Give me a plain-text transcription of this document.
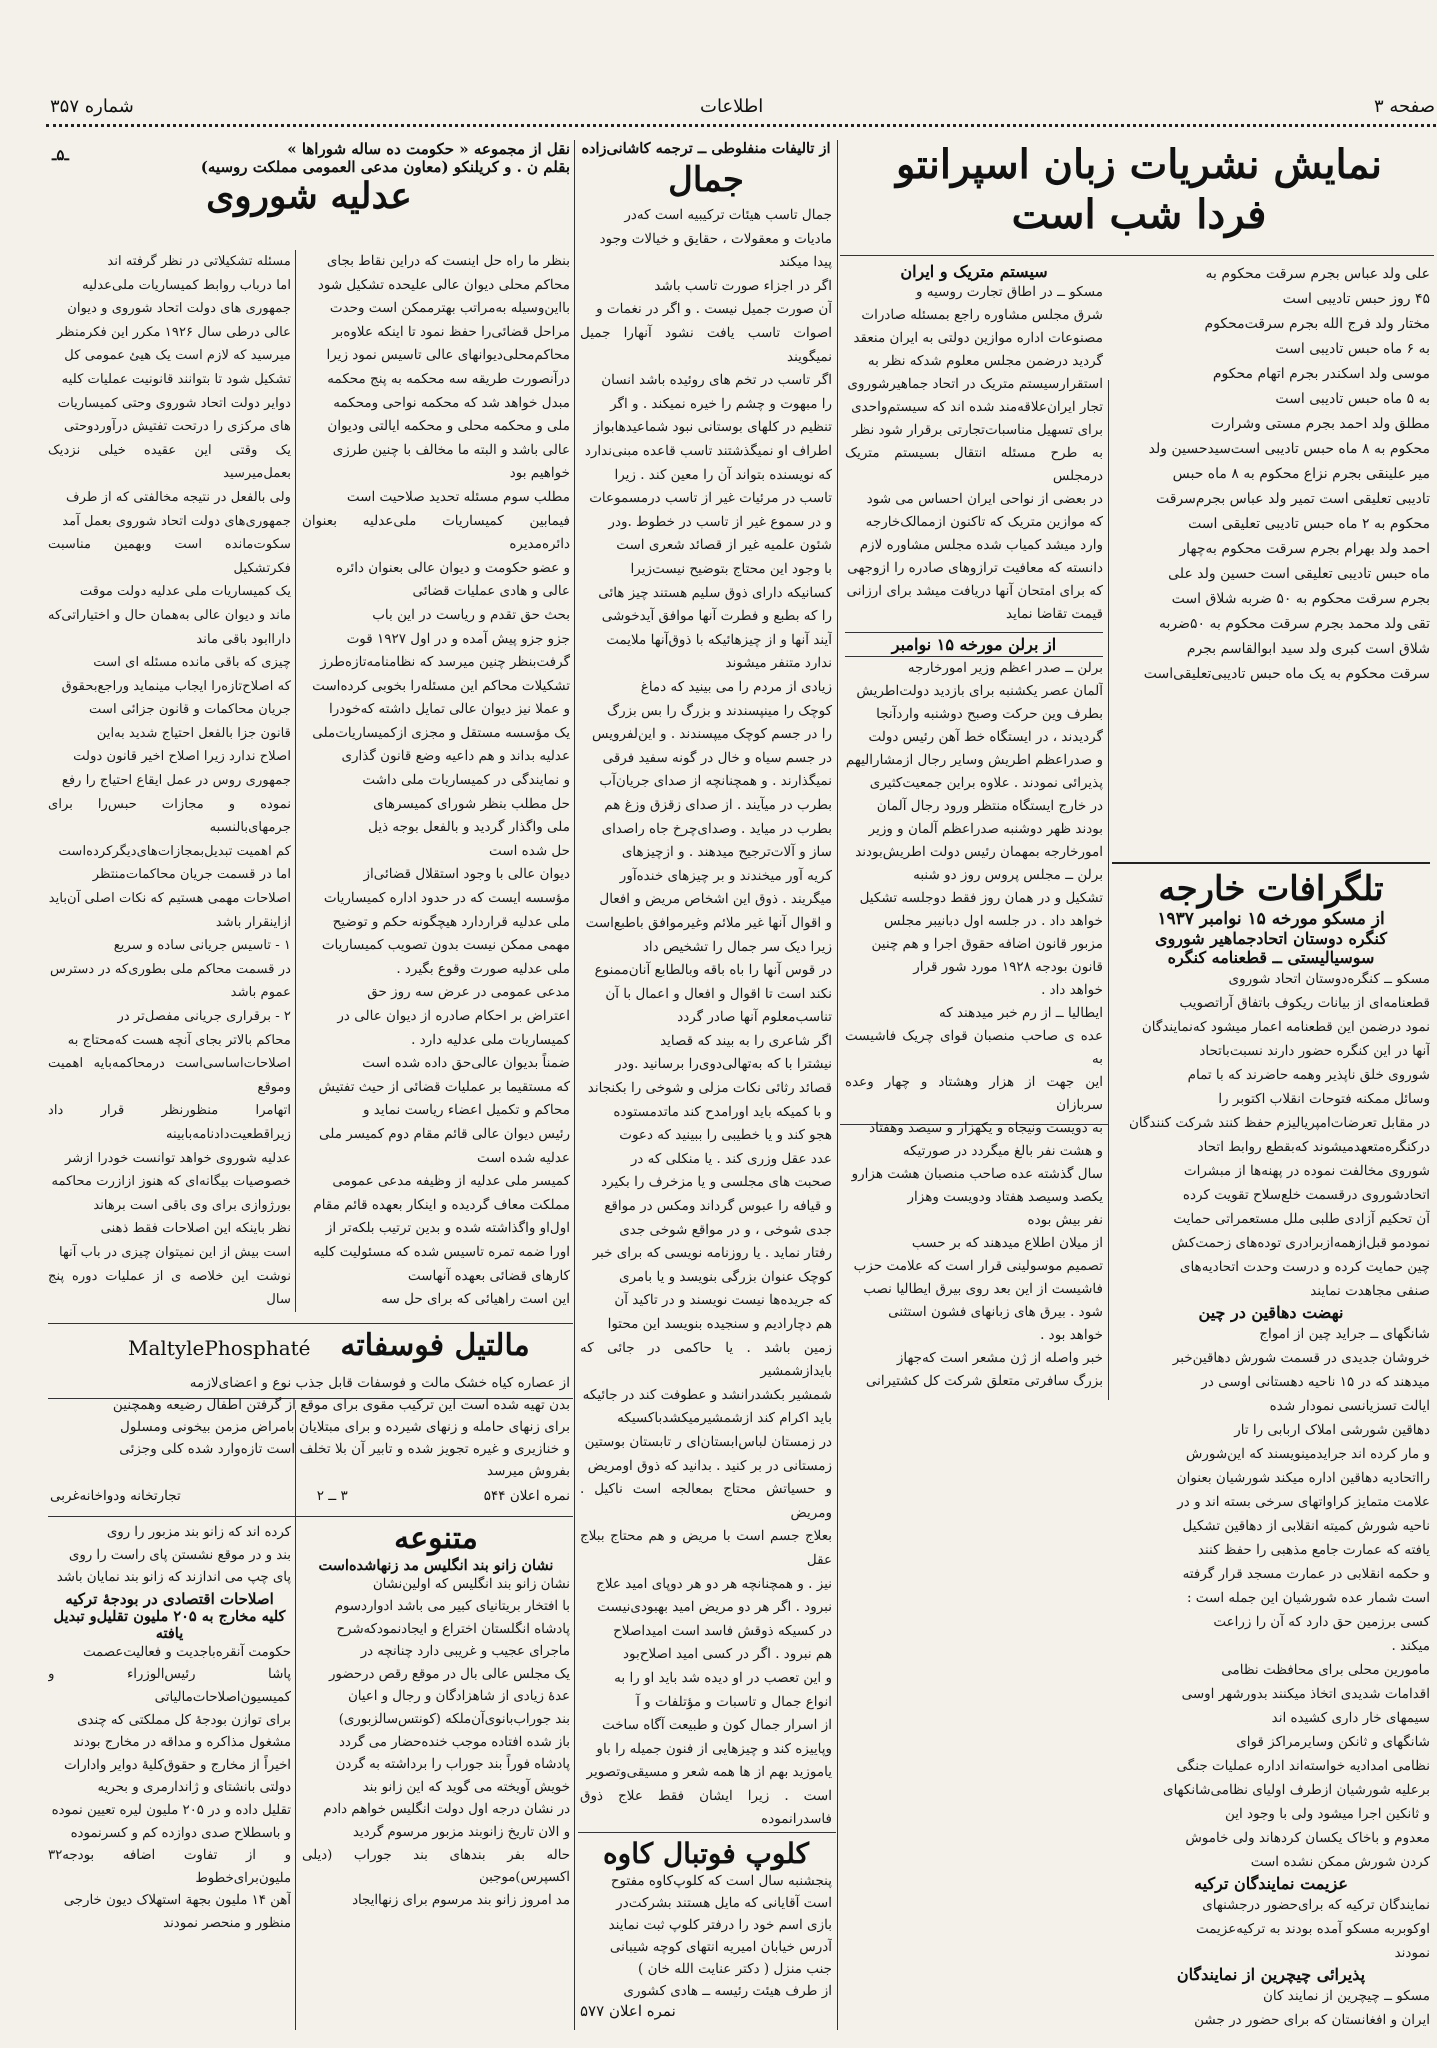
صفحه ۳
اطلاعات
شماره ۳۵۷
نمایش نشریات زبان اسپرانتو
فردا شب است

علی ولد عباس بجرم سرقت محکوم به
۴۵ روز حبس تادیبی است
مختار ولد فرج الله بجرم سرقت‌محکوم
به ۶ ماه حبس تادیبی است
موسی ولد اسکندر بجرم اتهام محکوم
به ۵ ماه حبس تادیبی است
مطلق ولد احمد بجرم مستی وشرارت
محکوم به ۸ ماه حبس تادیبی است‌سیدحسین ولد
میر علینقی بجرم نزاع محکوم به ۸ ماه حبس
تادیبی تعلیقی است تمیر ولد عباس بجرم‌سرقت
محکوم به ۲ ماه حبس تادیبی تعلیقی است
احمد ولد بهرام بجرم سرقت محکوم به‌چهار
ماه حبس تادیبی تعلیقی است حسین ولد علی
بجرم سرقت محکوم به ۵۰ ضربه شلاق است
تقی ولد محمد بجرم سرقت محکوم به ۵۰ضربه
شلاق است کبری ولد سید ابوالقاسم بجرم
سرقت محکوم به یک ماه حبس تادیبی‌تعلیقی‌است

سیستم متریک و ایران

مسکو ــ در اطاق تجارت روسیه و
شرق مجلس مشاوره راجع بمسئله صادرات
مصنوعات اداره موازین دولتی به ایران منعقد
گردید درضمن مجلس معلوم شدکه نظر به
استقرارسیستم متریک در اتحاد جماهیرشوروی
تجار ایران‌علاقه‌مند شده اند که سیستم‌واحدی
برای تسهیل مناسبات‌تجارتی برقرار شود نظر
به طرح مسئله انتقال بسیستم متریک درمجلس
در بعضی از نواحی ایران احساس می شود
که موازین متریک که تاکنون ازممالک‌خارجه
وارد میشد کمیاب شده مجلس مشاوره لازم
دانسته که معافیت ترازوهای صادره را ازوجهی
که برای امتحان آنها دریافت میشد برای ارزانی
قیمت تقاضا نماید

از برلن مورخه ۱۵ نوامبر

برلن ــ صدر اعظم وزیر امورخارجه
آلمان عصر یکشنبه برای بازدید دولت‌اطریش
بطرف وین حرکت وصبح دوشنبه واردآنجا
گردیدند ، در ایستگاه خط آهن رئیس دولت
و صدراعظم اطریش وسایر رجال ازمشارالیهم
پذیرائی نمودند . علاوه براین جمعیت‌کثیری
در خارج ایستگاه منتظر ورود رجال آلمان
بودند ظهر دوشنبه صدراعظم آلمان و وزیر
امورخارجه بمهمان رئیس دولت اطریش‌بودند
برلن ــ مجلس پروس روز دو شنبه
تشکیل و در همان روز فقط دوجلسه تشکیل
خواهد داد . در جلسه اول دبانیبر مجلس
مزبور قانون اضافه حقوق اجرا و هم چنین
قانون بودجه ۱۹۲۸ مورد شور قرار
خواهد داد .
ایطالیا ــ از رم خبر میدهند که
عده ی صاحب منصبان قوای چریک فاشیست به
این جهت از هزار وهشتاد و چهار وعده سربازان
به دویست ونیجاه و یکهزار و سیصد وهفتاد
و هشت نفر بالغ میگردد در صورتیکه
سال گذشته عده صاحب منصبان هشت هزارو
یکصد وسیصد هفتاد ودویست وهزار
نفر بیش بوده
از میلان اطلاع میدهند که بر حسب
تصمیم موسولینی قرار است که علامت حزب
فاشیست از این بعد روی بیرق ایطالیا نصب
شود . بیرق های زبانهای فشون استثنی
خواهد بود .
خبر واصله از ژن مشعر است که‌جهاز
بزرگ سافرتی متعلق شرکت کل کشتیرانی

تلگرافات خارجه
از مسکو مورخه ۱۵ نوامبر ۱۹۳۷
کنگره دوستان اتحادجماهیر شوروی سوسیالیستی ــ قطعنامه کنگره

مسکو ــ کنگره‌دوستان اتحاد شوروی
قطعنامه‌ای از بیانات ریکوف باتفاق آرا‌تصویب
نمود درضمن این قطعنامه اعمار میشود که‌نمایندگان
آنها در این کنگره حضور دارند نسبت‌باتحاد
شوروی خلق ناپذیر وهمه حاضرند که با تمام
وسائل ممکنه فتوحات انقلاب اکتوبر را
در مقابل تعرضات‌امپریالیزم حفظ کنند شرکت کنندگان
درکنگره‌متعهدمیشوند که‌بقطع روابط اتحاد
شوروی مخالفت نموده در پهنه‌ها از مبشرات
اتحادشوروی درقسمت خلع‌سلاح تقویت کرده
آن تحکیم آزادی طلبی ملل مستعمراتی حمایت
نمودمو قبل‌ازهمه‌ازبرادری توده‌های زحمت‌کش
چین حمایت کرده و درست وحدت اتحادیه‌های
صنفی مجاهدت نمایند

نهضت دهاقین در چین

شانگهای ــ جراید چین از امواج
خروشان جدیدی در قسمت شورش دهاقین‌خبر
میدهند که در ۱۵ ناحیه دهستانی اوسی در
ایالت تسزیانسی نمودار شده
دهاقین شورشی املاک اربابی را تار
و مار کرده اند جراید‌مینویسند که این‌شورش
رااتحادیه دهاقین اداره میکند شورشیان بعنوان
علامت متمایز کراواتهای سرخی بسته اند و در
ناحیه شورش کمیته انقلابی از دهاقین تشکیل
یافته که عمارت جامع مذهبی را حفظ کنند
و حکمه انقلابی در عمارت مسجد قرار گرفته
است شمار عده شورشیان این جمله است :
کسی برزمین حق دارد که آن را زراعت
میکند .
مامورین محلی برای محافظت نظامی
اقدامات شدیدی اتخاذ میکنند بدورشهر اوسی
سیمهای خار داری کشیده اند
شانگهای و ثانکن وسایرمراکز قوای
نظامی امدادیه خواسته‌اند اداره عملیات جنگی
برعلیه شورشیان ازطرف اولیای نظامی‌شانکهای
و ثانکین اجرا میشود ولی با وجود این
معدوم و باخاک یکسان کردهاند ولی خاموش
کردن شورش ممکن نشده است

عزیمت نمایندگان ترکیه

نمایندگان ترکیه که برای‌حضور در‌جشنهای
اوکوبربه مسکو آمده بودند به ترکیه‌عزیمت
نمودند

پذیرائی چیچرین از نمایندگان

مسکو ــ چیچرین از نمایند کان
ایران و افغانستان که برای حضور در جشن

از تالیفات منفلوطی ــ ترجمه کاشانی‌زاده
جمال

جمال تاسب هیئات ترکیبیه است که‌در
مادیات و معقولات ، حقایق و خیالات وجود
پیدا میکند
اگر در اجزاء صورت تاسب باشد
آن صورت جمیل نیست . و اگر در نغمات و
اصوات تاسب یافت نشود آنهارا جمیل نمیگویند
اگر تاسب در تخم های روئیده باشد انسان
را مبهوت و چشم را خیره نمیکند . و اگر
تنظیم در کلهای بوستانی نبود شماعیدهابواز
اطراف او نمیگذشتند تاسب قاعده مبنی‌ندارد
که نویسنده بتواند آن را معین کند . زیرا
تاسب در مرئیات غیر از تاسب در‌مسموعات
و در سموع غیر از تاسب در خطوط .ودر
شئون علمیه غیر از قصائد شعری است
با وجود این محتاج بتوضیح نیست‌زیرا
کسانیکه دارای ذوق سلیم هستند چیز هائی
را که بطبع و فطرت آنها موافق آیدخوشی
آیند آنها و از چیزهائیکه با ذوق‌آنها ملایمت
ندارد متنفر میشوند
زیادی از مردم را می بینید که دماغ
کوچک را مینپسندند و بزرگ را بس بزرگ
را در جسم کوچک میپسندند . و این‌لفرویس
در جسم سیاه و خال در گونه سفید فرقی
نمیگذارند . و همچنانچه از صدای جریان‌آب
بطرب در میآیند . از صدای زقزق وزغ هم
بطرب در میاید . وصدای‌چرخ جاه راصدای
ساز و آلات‌ترجیح میدهند . و ازچیزهای
کریه آور میخندند و بر چیزهای خنده‌آور
میگریند . ذوق این اشخاص مریض و افعال
و اقوال آنها غیر ملائم وغیرموافق باطبع‌است
زیرا دیک سر جمال را تشخیص داد
در قوس آنها را باه باقه وبالطابع آنان‌ممنوع
نکند است تا اقوال و افعال و اعمال با آن
تناسب‌معلوم آنها صادر گردد
اگر شاعری را به بیند که قصاید
نیشترا با که به‌تهالی‌دوی‌را برسانید .ودر
قصائد رثائی نکات مزلی و شوخی را بکنجاند
و با کمیکه باید اورامدح کند ماتدمستوده
هجو کند و یا خطیبی را ببینید که دعوت
عدد عقل وزری کند . یا منکلی که در
صحبت های مجلسی و یا مزخرف را بکیرد
و قیافه را عبوس گرداند ومکس در مواقع
جدی شوخی ، و در مواقع شوخی جدی
رفتار نماید . یا روزنامه نویسی که برای خبر
کوچک عنوان بزرگی بنویسد و یا بامری
که جریده‌ها نیست نویسند و در تاکید آن
هم دچارادیم و سنجیده بنویسد این محتوا
زمین باشد . یا حاکمی در جائی که بایدازشمشیر
شمشیر بکشدرانشد و عطوفت کند در جائیکه
باید اکرام کند ازشمشیرمیکشد‌باکسیکه
در زمستان لباس‌ابستان‌ای ر تابستان بوستین
زمستانی در بر کنید . بدانید که ذوق اومریض
و حسیاتش محتاج بمعالجه است ناکیل . ومریض
بعلاج جسم است با مریض و هم محتاج ببلاج عقل
نیز . و همچنانچه هر دو هر دوپای امید علاج
نبرود . اگر هر دو مریض امید بهبودی‌نیست
در کسیکه ذوقش فاسد است امیداصلاح
هم نبرود . اگر در کسی امید اصلاح‌بود
و این تعصب در او دیده شد باید او را به
انواع جمال و تاسبات و مؤتلفات و آ
از اسرار جمال کون و طبیعت آگاه ساخت
وپاییزه کند و چیزهایی از فنون جمیله را باو
یاموزید بهم از ها همه شعر و مسیقی‌وتصویر
است . زیرا ایشان فقط علاج ذوق فاسدرانموده

کلوپ فوتبال کاوه

پنجشنبه سال است که کلوپ‌کاوه مفتوح
است آقایانی که مایل هستند بشرکت‌در
بازی اسم خود را درفتر کلوپ ثبت نمایند
آدرس خیابان امیریه انتهای کوچه شیبانی
جنب منزل ( دکتر عنایت الله خان )
از طرف هیئت رئیسه ــ هادی کشوری

نمره اعلان ۵۷۷
نقل از مجموعه « حکومت ده ساله شوراها »
بقلم ن . و کریلنکو (معاون مدعی العمومی مملکت روسیه)
عدلیه شوروی
ـ۵ـ

بنظر ما راه حل اینست که دراین نقاط بجای
محاکم محلی دیوان عالی علیحده تشکیل شود
بااین‌وسیله به‌مراتب بهترممکن است وحدت
مراحل قضائی‌را حفظ نمود تا اینکه علاوه‌بر
محاکم‌محلی‌دیوانهای عالی تاسیس نمود زیرا
درآنصورت طریقه سه محکمه به پنج محکمه
مبدل خواهد شد که محکمه نواحی ومحکمه
ملی و محکمه محلی و محکمه ایالتی ودیوان
عالی باشد و البته ما مخالف با چنین طرزی
خواهیم بود
مطلب سوم مسئله تحدید صلاحیت است
فیمابین کمیساریات ملی‌عدلیه بعنوان دائره‌مدیره
و عضو حکومت و دیوان عالی بعنوان دائره
عالی و هادی عملیات قضائی
بحث حق تقدم و ریاست در این باب
جزو جزو پیش آمده و در اول ۱۹۲۷ قوت
گرفت‌بنظر چنین میرسد که نظامنامه‌تازه‌طرز
تشکیلات محاکم این مسئله‌را بخوبی کرده‌است
و عملا نیز دیوان عالی تمایل داشته که‌خودرا
یک مؤسسه مستقل و مجزی از‌کمیساریات‌ملی
عدلیه بداند و هم داعیه وضع قانون گذاری
و نمایندگی در کمیساریات ملی داشت
حل مطلب بنظر شورای کمیسرهای
ملی واگذار گردید و بالفعل بوجه ذیل
حل شده است
دیوان عالی با وجود استقلال قضائی‌از
مؤسسه ایست که در حدود اداره کمیساریات
ملی عدلیه قراردارد هیچگونه حکم و توضیح
مهمی ممکن نیست بدون تصویب کمیساریات
ملی عدلیه صورت وقوع بگیرد .
مدعی عمومی در عرض سه روز حق
اعتراض بر احکام صادره از دیوان عالی در
کمیساریات ملی عدلیه دارد .
ضمناً بدیوان عالی‌حق داده شده است
که مستقیما بر عملیات قضائی از حیث تفتیش
محاکم و تکمیل اعضاء ریاست نماید و
رئیس دیوان عالی قائم مقام دوم کمیسر ملی
عدلیه شده است
کمیسر ملی عدلیه از وظیفه مدعی عمومی
مملکت معاف گردیده و اینکار بعهده قائم مقام
اول‌او واگذاشته شده و بدین ترتیب بلکه‌تر از
او‌را ضمه تمره تاسیس شده که مسئولیت کلیه
کارهای قضائی بعهده آنهاست
این است راهیائی که برای حل سه

مسئله تشکیلاتی در نظر گرفته اند
اما درباب روابط کمیساریات ملی‌عدلیه
جمهوری های دولت اتحاد شوروی و دیوان
عالی درطی سال ۱۹۲۶ مکرر این فکرمنظر
میرسید که لازم است یک هیئ عمومی کل
تشکیل شود تا بتوانند قانونیت عملیات کلیه
دوایر دولت اتحاد شوروی وحتی کمیساریات
های مرکزی را درتحت تفتیش درآوردوحتی
یک وقتی این عقیده خیلی نزدیک بعمل‌میرسید
ولی بالفعل در نتیجه مخالفتی که از طرف
جمهوری‌های دولت اتحاد شوروی بعمل آمد
سکوت‌مانده است وبهمین مناسبت فکرتشکیل
یک کمیساریات ملی عدلیه دولت موقت
ماند و دیوان عالی به‌همان حال و اختیاراتی‌که
داراابود باقی ماند
چیزی که باقی مانده مسئله ای است
که اصلاح‌تازه‌را ایجاب مینماید وراجع‌بحقوق
جریان محاکمات و قانون جزائی است
قانون جزا بالفعل احتیاج شدید به‌این
اصلاح ندارد زیرا اصلاح اخیر قانون دولت
جمهوری روس در عمل ایقاع احتیاج را رفع
نموده و مجازات حبس‌را برای جرمهای‌بالنسبه
کم اهمیت تبدیل‌بمجازات‌های‌دیگرکرده‌است
اما در قسمت جریان محاکمات‌منتظر
اصلاحات مهمی هستیم که نکات اصلی آن‌باید
ازاینقرار باشد
۱ - تاسیس جریانی ساده و سریع
در قسمت محاکم ملی بطوری‌که در دسترس
عموم باشد
۲ - برقراری جریانی مفصل‌تر در
محاکم بالاتر بجای آنچه هست که‌محتاج به
اصلاحات‌اساسی‌است درمحاکمه‌بایه اهمیت وموقع
اتهامرا منظورنظر قرار داد زیرا‌قطعیت‌داد‌نامه‌بابینه
عدلیه شوروی خواهد توانست خودرا ازشر
خصوصیات بیگانه‌ای که هنوز ازازرت محاکمه
بورژوازی برای وی باقی است برهاند
نظر باینکه این اصلاحات فقط ذهنی
است بیش از این نمیتوان چیزی در باب آنها
نوشت این خلاصه ی از عملیات دوره پنج سال

MaltylePhosphaté مالتیل فوسفاته

از عصاره کیاه خشک مالت و فوسفات قابل جذب نوع و اعضای‌لازمه
بدن تهیه شده است این ترکیب مقوی برای موقع از گرفتن اطفال رضیعه وهمچنین
برای زنهای حامله و زنهای شیرده و برای مبتلایان بامراض مزمن بیخونی ومسلول
و خنازیری و غیره تجویز شده و تابیر آن بلا تخلف است تازه‌وارد شده کلی وجزئی
بفروش میرسد

نمره اعلان ۵۴۴
۳ ــ ۲
تجارتخانه ودواخانه‌غربی
متنوعه
نشان زانو بند انگلیس مد زنهاشده‌است

نشان زانو بند انگلیس که اولین‌نشان
با افتخار بریتانیای کبیر می باشد ادواردسوم
پادشاه انگلستان اختراع و ایجادنمودکه‌شرح
ماجرای عجیب و غریبی دارد چنانچه در
یک مجلس عالی بال در موقع رقص درحضور
عدهٔ زیادی از شاهزادگان و رجال و اعیان
بند جوراب‌بانوی‌آن‌ملکه (کونتس‌سالزبوری)
باز شده افتاده موجب خنده‌حضار می گردد
پادشاه فوراً بند جوراب را برداشته به گردن
خویش آویخته می گوید که این زانو بند
در نشان درجه اول دولت انگلیس خواهم دادم
و الان تاریخ زانوبند مزبور مرسوم گردید
حاله بفر بندهای بند جوراب (دیلی اکسپرس)موجبن
مد امروز زانو بند مرسوم برای زنها‌ایجاد

کرده اند که زانو بند مزبور را روی
بند و در موقع نشستن پای راست را روی
پای چپ می اندازند که زانو بند نمایان باشد

اصلاحات اقتصادی در بودجهٔ ترکیه
کلیه مخارج به ۲۰۵ ملیون تقلیل‌و تبدیل یافته

حکومت آنقره‌باجدیت و فعالیت‌عصمت
پاشا رئیس‌الوزراء و کمیسیون‌اصلاحات‌مالیاتی
برای توازن بودجهٔ کل مملکتی که چندی
مشغول مذاکره و مداقه در مخارج بودند
اخیراً از مخارج و حقوق‌کلیهٔ دوایر وادارات
دولتی بانشتای و ژاندارمری و بحریه
تقلیل داده و در ۲۰۵ ملیون لیره تعیین نموده
و باسطلاح صدی دوازده کم و کسرنموده
و از تفاوت اضافه بودجه‌۳۲ ملیون‌برای‌خطوط
آهن ۱۴ ملیون بجهة استهلاک دیون خارجی
منظور و منحصر نمودند
